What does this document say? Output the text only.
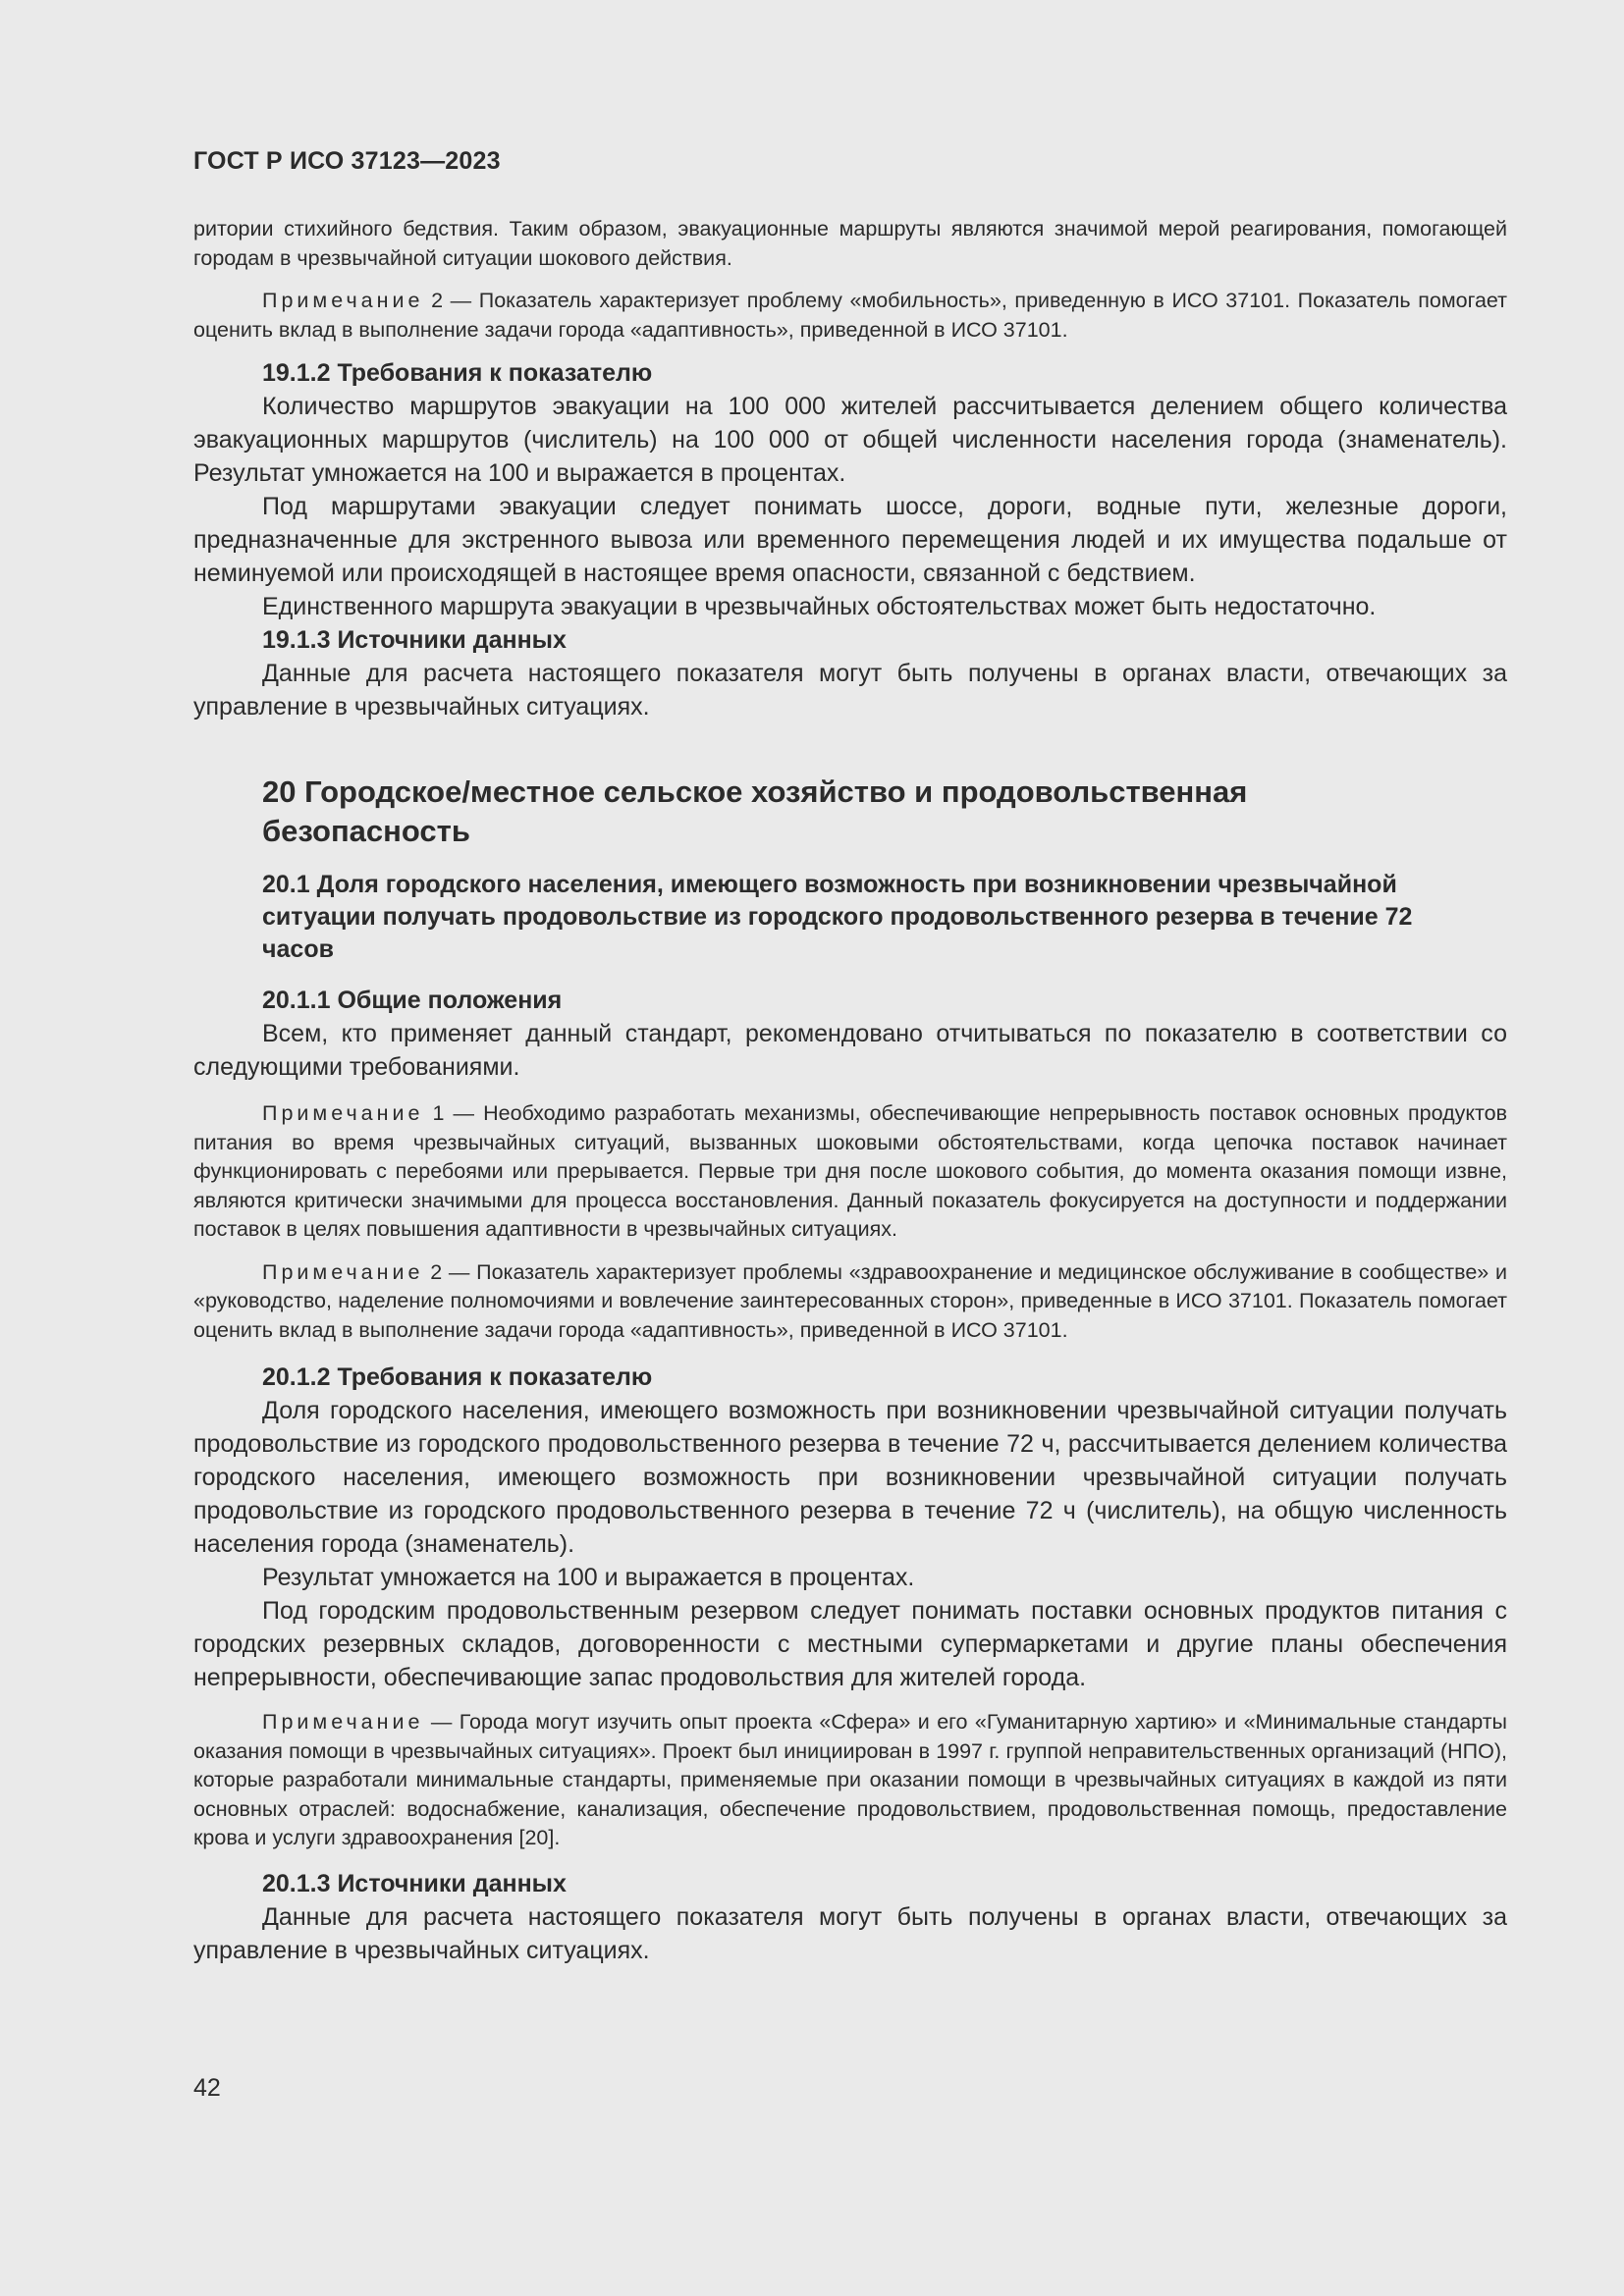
ГОСТ Р ИСО 37123—2023

ритории стихийного бедствия. Таким образом, эвакуационные маршруты являются значимой мерой реагирования, помогающей городам в чрезвычайной ситуации шокового действия.

Примечание 2 — Показатель характеризует проблему «мобильность», приведенную в ИСО 37101. Показатель помогает оценить вклад в выполнение задачи города «адаптивность», приведенной в ИСО 37101.

19.1.2 Требования к показателю

Количество маршрутов эвакуации на 100 000 жителей рассчитывается делением общего количества эвакуационных маршрутов (числитель) на 100 000 от общей численности населения города (знаменатель). Результат умножается на 100 и выражается в процентах.

Под маршрутами эвакуации следует понимать шоссе, дороги, водные пути, железные дороги, предназначенные для экстренного вывоза или временного перемещения людей и их имущества подальше от неминуемой или происходящей в настоящее время опасности, связанной с бедствием.

Единственного маршрута эвакуации в чрезвычайных обстоятельствах может быть недостаточно.

19.1.3 Источники данных

Данные для расчета настоящего показателя могут быть получены в органах власти, отвечающих за управление в чрезвычайных ситуациях.

20 Городское/местное сельское хозяйство и продовольственная безопасность
20.1 Доля городского населения, имеющего возможность при возникновении чрезвычайной ситуации получать продовольствие из городского продовольственного резерва в течение 72 часов
20.1.1 Общие положения

Всем, кто применяет данный стандарт, рекомендовано отчитываться по показателю в соответствии со следующими требованиями.

Примечание 1 — Необходимо разработать механизмы, обеспечивающие непрерывность поставок основных продуктов питания во время чрезвычайных ситуаций, вызванных шоковыми обстоятельствами, когда цепочка поставок начинает функционировать с перебоями или прерывается. Первые три дня после шокового события, до момента оказания помощи извне, являются критически значимыми для процесса восстановления. Данный показатель фокусируется на доступности и поддержании поставок в целях повышения адаптивности в чрезвычайных ситуациях.

Примечание 2 — Показатель характеризует проблемы «здравоохранение и медицинское обслуживание в сообществе» и «руководство, наделение полномочиями и вовлечение заинтересованных сторон», приведенные в ИСО 37101. Показатель помогает оценить вклад в выполнение задачи города «адаптивность», приведенной в ИСО 37101.

20.1.2 Требования к показателю

Доля городского населения, имеющего возможность при возникновении чрезвычайной ситуации получать продовольствие из городского продовольственного резерва в течение 72 ч, рассчитывается делением количества городского населения, имеющего возможность при возникновении чрезвычайной ситуации получать продовольствие из городского продовольственного резерва в течение 72 ч (числитель), на общую численность населения города (знаменатель).

Результат умножается на 100 и выражается в процентах.

Под городским продовольственным резервом следует понимать поставки основных продуктов питания с городских резервных складов, договоренности с местными супермаркетами и другие планы обеспечения непрерывности, обеспечивающие запас продовольствия для жителей города.

Примечание — Города могут изучить опыт проекта «Сфера» и его «Гуманитарную хартию» и «Минимальные стандарты оказания помощи в чрезвычайных ситуациях». Проект был инициирован в 1997 г. группой неправительственных организаций (НПО), которые разработали минимальные стандарты, применяемые при оказании помощи в чрезвычайных ситуациях в каждой из пяти основных отраслей: водоснабжение, канализация, обеспечение продовольствием, продовольственная помощь, предоставление крова и услуги здравоохранения [20].

20.1.3 Источники данных

Данные для расчета настоящего показателя могут быть получены в органах власти, отвечающих за управление в чрезвычайных ситуациях.

42
